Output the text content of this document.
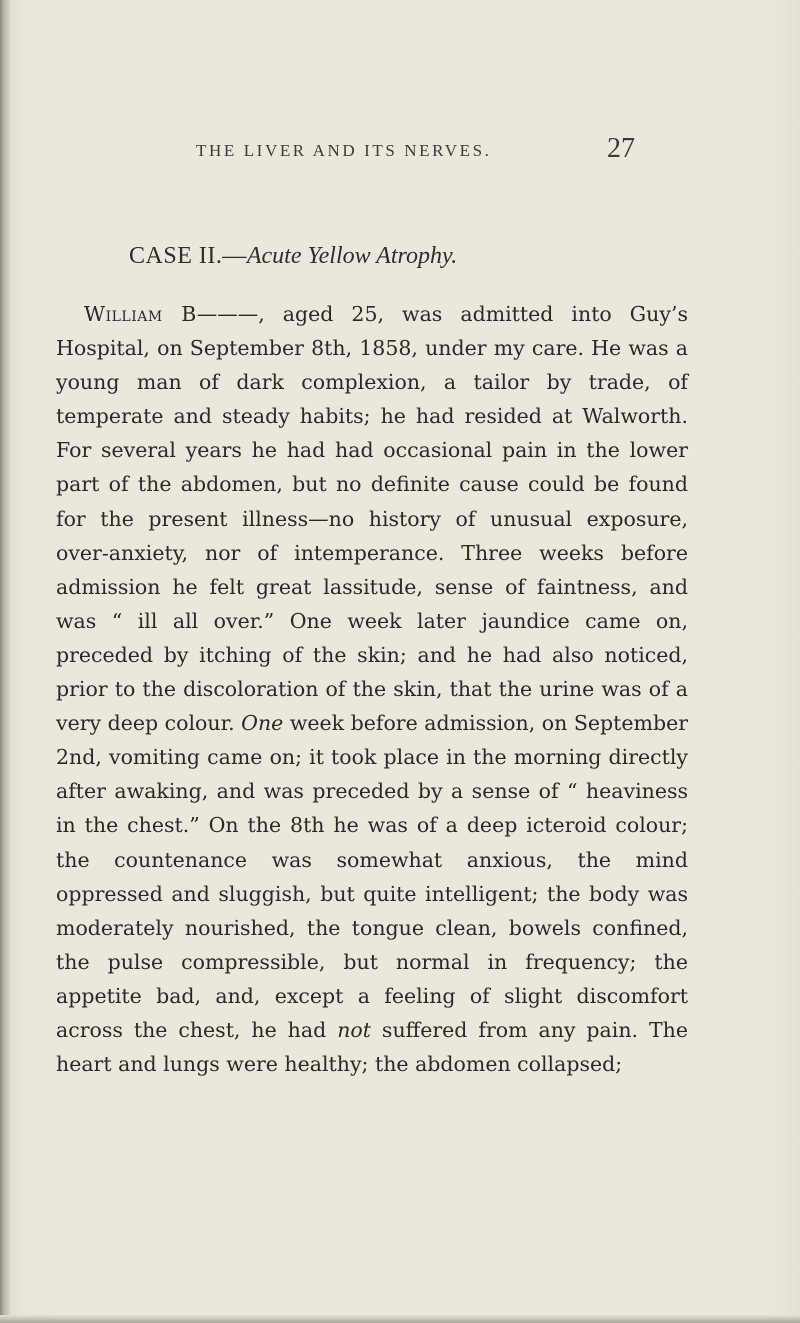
THE LIVER AND ITS NERVES.	27
CASE II.—Acute Yellow Atrophy.

William B———, aged 25, was admitted into Guy’s Hospital, on September 8th, 1858, under my care. He was a young man of dark complexion, a tailor by trade, of temperate and steady habits; he had resided at Walworth. For several years he had had occasional pain in the lower part of the abdomen, but no definite cause could be found for the present illness—no history of unusual exposure, over-anxiety, nor of intemperance. Three weeks before admission he felt great lassitude, sense of faintness, and was “ ill all over.” One week later jaundice came on, preceded by itching of the skin; and he had also noticed, prior to the discoloration of the skin, that the urine was of a very deep colour. One week before admission, on September 2nd, vomiting came on; it took place in the morning directly after awaking, and was preceded by a sense of “ heaviness in the chest.” On the 8th he was of a deep icteroid colour; the countenance was somewhat anxious, the mind oppressed and sluggish, but quite intelligent; the body was moderately nourished, the tongue clean, bowels confined, the pulse compressible, but normal in frequency; the appetite bad, and, except a feeling of slight discomfort across the chest, he had not suffered from any pain. The heart and lungs were healthy; the abdomen collapsed;
